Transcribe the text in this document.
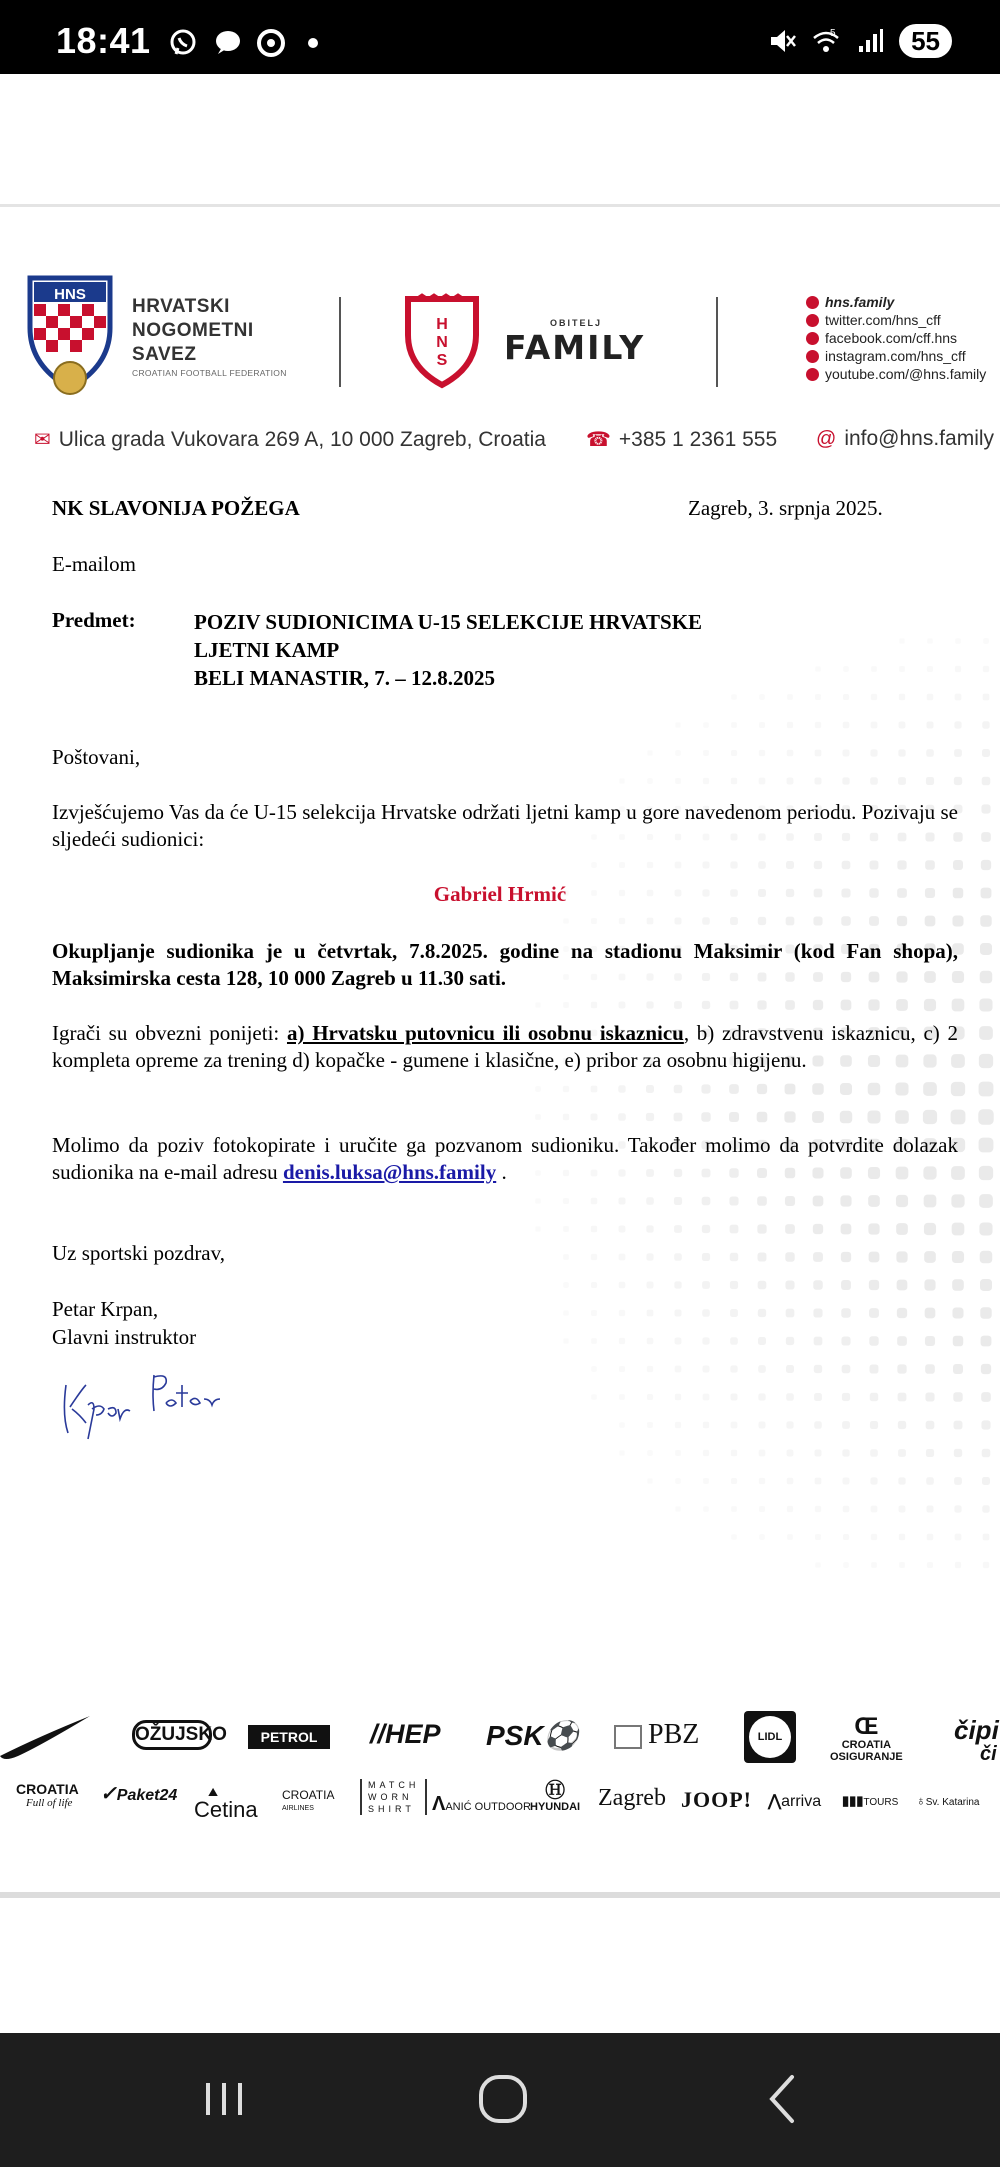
18:41	5	55
HNS
HRVATSKI
NOGOMETNI
SAVEZ
CROATIAN FOOTBALL FEDERATION
H
N
S
OBITELJ
FAMILY
hns.family
twitter.com/hns_cff
facebook.com/cff.hns
instagram.com/hns_cff
youtube.com/@hns.family
✉ Ulica grada Vukovara 269 A, 10 000 Zagreb, Croatia ☎ +385 1 2361 555 @ info@hns.family
NK SLAVONIJA POŽEGA	Zagreb, 3. srpnja 2025.
E-mailom
Predmet:	POZIV SUDIONICIMA U-15 SELEKCIJE HRVATSKE
LJETNI KAMP
BELI MANASTIR, 7. – 12.8.2025
Poštovani,
Izvješćujemo Vas da će U-15 selekcija Hrvatske održati ljetni kamp u gore navedenom periodu. Pozivaju se sljedeći sudionici:
Gabriel Hrmić
Okupljanje sudionika je u četvrtak, 7.8.2025. godine na stadionu Maksimir (kod Fan shopa), Maksimirska cesta 128, 10 000 Zagreb u 11.30 sati.
Igrači su obvezni ponijeti: a) Hrvatsku putovnicu ili osobnu iskaznicu, b) zdravstvenu iskaznicu, c) 2 kompleta opreme za trening d) kopačke - gumene i klasične, e) pribor za osobnu higijenu.
Molimo da poziv fotokopirate i uručite ga pozvanom sudioniku. Također molimo da potvrdite dolazak sudionika na e-mail adresu denis.luksa@hns.family .
Uz sportski pozdrav,
Petar Krpan,
Glavni instruktor
OŽUJSKO	PETROL	//HEP PSK⚽	PBZ	LIDL	Œ
CROATIA
OSIGURANJE
čipi
či
CROATIA
Full of life	✓Paket24	⛰
Cetina
CROATIA
AIRLINES
MATCH
WORN
SHIRT ΛANIĆ OUTDOOR
Ⓗ
HYUNDAI Zagreb JOOP! ⋀arriva ▮▮▮TOURS ♁Sv. Katarina
